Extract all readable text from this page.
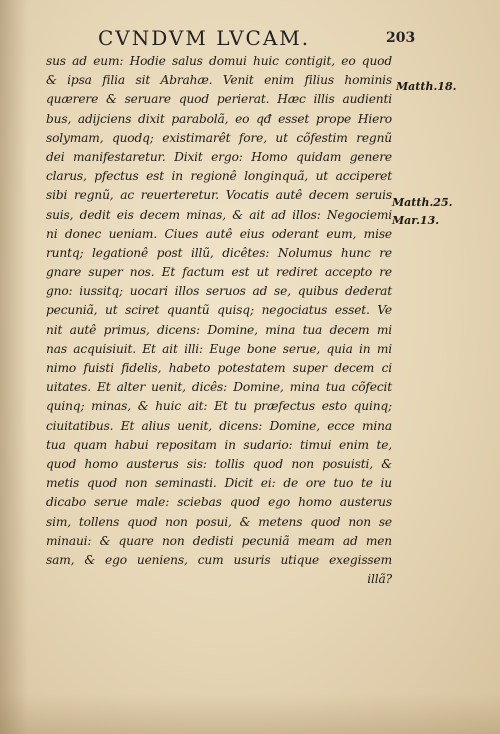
CVNDVM LVCAM.	203
Matth.18.
Matth.25.
Mar.13.
sus ad eum: Hodie salus domui huic contigit, eo quod
& ipsa filia sit Abrahæ. Venit enim filius hominis
quærere & seruare quod perierat. Hæc illis audienti
bus, adijciens dixit parabolã, eo qđ esset prope Hiero
solymam, quodq; existimarêt fore, ut cõfestim regnũ
dei manifestaretur. Dixit ergo: Homo quidam genere
clarus, pfectus est in regionê longinquã, ut acciperet
sibi regnũ, ac reuerteretur. Vocatis autê decem seruis
suis, dedit eis decem minas, & ait ad illos: Negociemi
ni donec ueniam. Ciues autê eius oderant eum, mise
runtq; legationê post illũ, dicêtes: Nolumus hunc re
gnare super nos. Et factum est ut rediret accepto re
gno: iussitq; uocari illos seruos ad se, quibus dederat
pecuniã, ut sciret quantũ quisq; negociatus esset. Ve
nit autê primus, dicens: Domine, mina tua decem mi
nas acquisiuit. Et ait illi: Euge bone serue, quia in mi
nimo fuisti fidelis, habeto potestatem super decem ci
uitates. Et alter uenit, dicês: Domine, mina tua cõfecit
quinq; minas, & huic ait: Et tu præfectus esto quinq;
ciuitatibus. Et alius uenit, dicens: Domine, ecce mina
tua quam habui repositam in sudario: timui enim te,
quod homo austerus sis: tollis quod non posuisti, &
metis quod non seminasti. Dicit ei: de ore tuo te iu
dicabo serue male: sciebas quod ego homo austerus
sim, tollens quod non posui, & metens quod non se
minaui: & quare non dedisti pecuniã meam ad men
sam, & ego ueniens, cum usuris utique exegissem
illã?
